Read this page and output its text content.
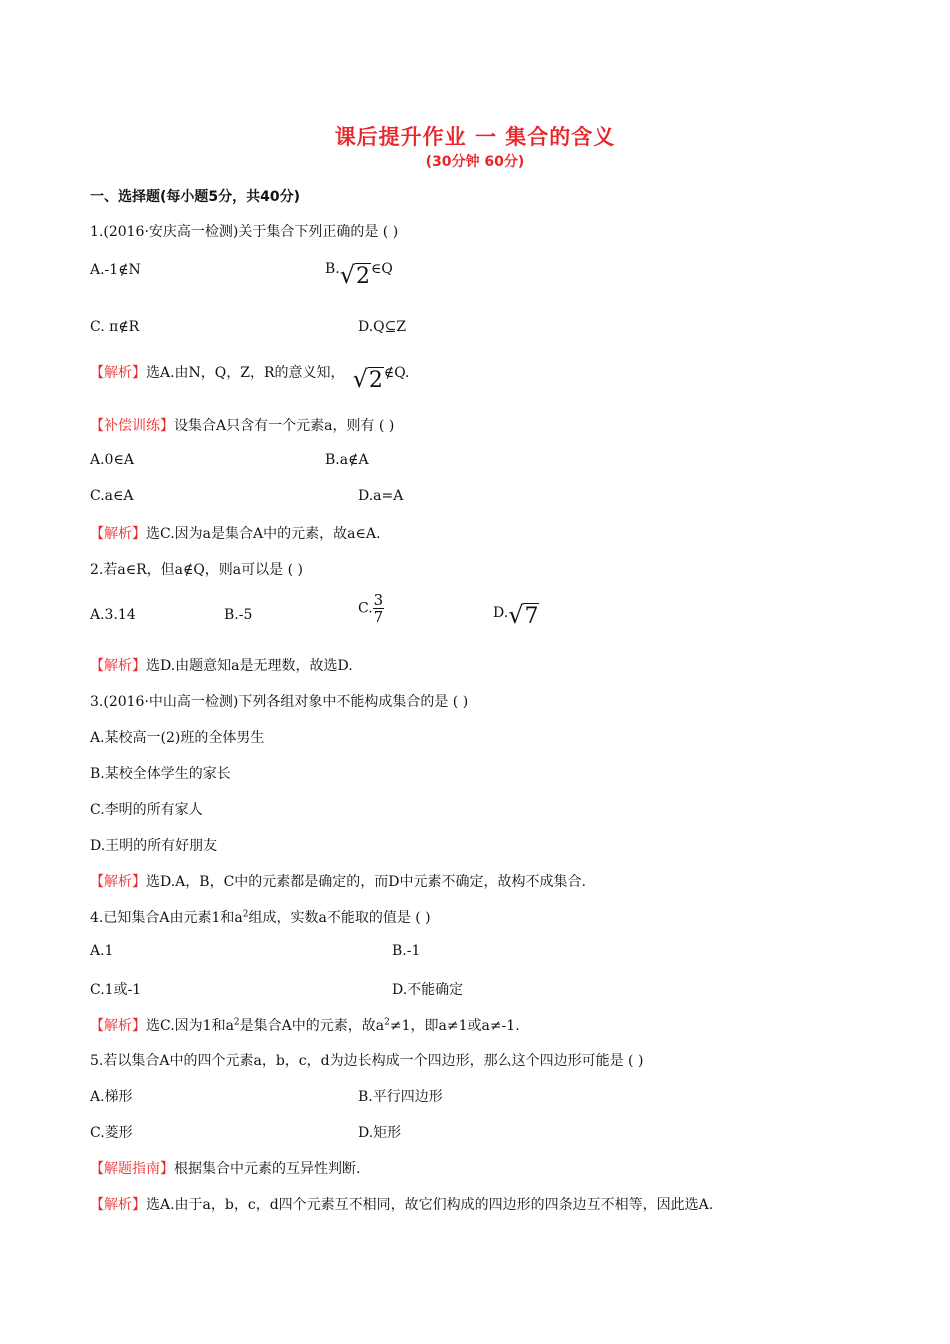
课后提升作业 一 集合的含义
(30分钟 60分)
一、选择题(每小题5分，共40分)
1.(2016·安庆高一检测)关于集合下列正确的是 ( )
A.-1∉N	B.√2∈Q
C. π∉R	D.Q⊆Z
【解析】选A.由N，Q，Z，R的意义知， √2∉Q.
【补偿训练】设集合A只含有一个元素a，则有 ( )
A.0∈A	B.a∉A
C.a∈A	D.a=A
【解析】选C.因为a是集合A中的元素，故a∈A.
2.若a∈R，但a∉Q，则a可以是 ( )
A.3.14	B.-5	C. $\frac{3}{7}$	D.√7
【解析】选D.由题意知a是无理数，故选D.
3.(2016·中山高一检测)下列各组对象中不能构成集合的是 ( )
A.某校高一(2)班的全体男生
B.某校全体学生的家长
C.李明的所有家人
D.王明的所有好朋友
【解析】选D.A，B，C中的元素都是确定的，而D中元素不确定，故构不成集合.
4.已知集合A由元素1和$a^2$组成，实数a不能取的值是 ( )
A.1	B.-1
C.1或-1	D.不能确定
【解析】选C.因为1和$a^2$是集合A中的元素，故$a^2\ne 1$，即a≠1或a≠-1.
5.若以集合A中的四个元素a，b，c，d为边长构成一个四边形，那么这个四边形可能是 ( )
A.梯形	B.平行四边形
C.菱形	D.矩形
【解题指南】根据集合中元素的互异性判断.
【解析】选A.由于a，b，c，d四个元素互不相同，故它们构成的四边形的四条边互不相等，因此选A.
